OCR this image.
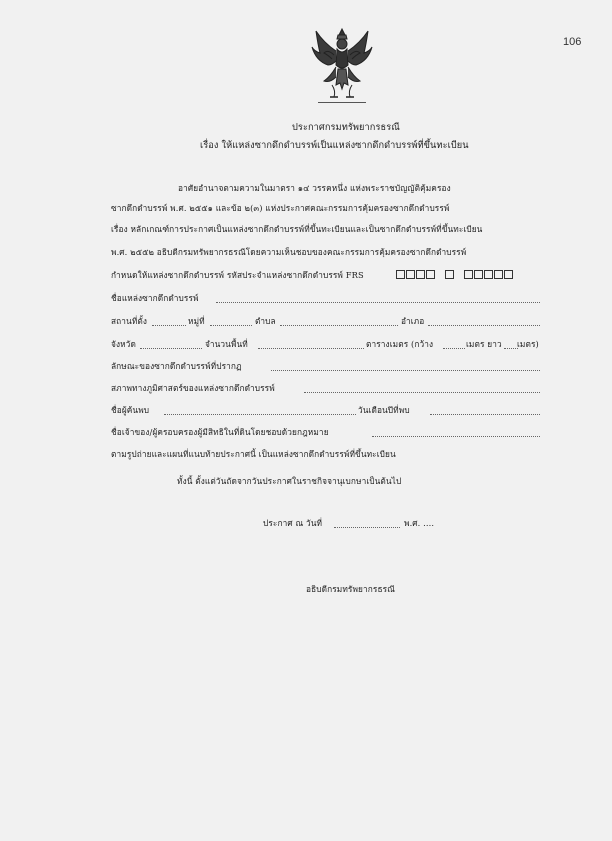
106
ประกาศกรมทรัพยากรธรณี
เรื่อง ให้แหล่งซากดึกดำบรรพ์เป็นแหล่งซากดึกดำบรรพ์ที่ขึ้นทะเบียน
อาศัยอำนาจตามความในมาตรา ๑๔ วรรคหนึ่ง แห่งพระราชบัญญัติคุ้มครอง
ซากดึกดำบรรพ์ พ.ศ. ๒๕๕๑ และข้อ ๒(๓) แห่งประกาศคณะกรรมการคุ้มครองซากดึกดำบรรพ์
เรื่อง หลักเกณฑ์การประกาศเป็นแหล่งซากดึกดำบรรพ์ที่ขึ้นทะเบียนและเป็นซากดึกดำบรรพ์ที่ขึ้นทะเบียน
พ.ศ. ๒๕๕๒ อธิบดีกรมทรัพยากรธรณีโดยความเห็นชอบของคณะกรรมการคุ้มครองซากดึกดำบรรพ์
กำหนดให้แหล่งซากดึกดำบรรพ์ รหัสประจำแหล่งซากดึกดำบรรพ์ FRS
ชื่อแหล่งซากดึกดำบรรพ์
สถานที่ตั้ง	หมู่ที่	ตำบล	อำเภอ
จังหวัด	จำนวนพื้นที่	ตารางเมตร (กว้าง	เมตร ยาว เมตร)
ลักษณะของซากดึกดำบรรพ์ที่ปรากฏ
สภาพทางภูมิศาสตร์ของแหล่งซากดึกดำบรรพ์
ชื่อผู้ค้นพบ	วันเดือนปีที่พบ
ชื่อเจ้าของ/ผู้ครอบครองผู้มีสิทธิในที่ดินโดยชอบด้วยกฎหมาย
ตามรูปถ่ายและแผนที่แนบท้ายประกาศนี้ เป็นแหล่งซากดึกดำบรรพ์ที่ขึ้นทะเบียน
ทั้งนี้ ตั้งแต่วันถัดจากวันประกาศในราชกิจจานุเบกษาเป็นต้นไป
ประกาศ ณ วันที่	พ.ศ. ....
อธิบดีกรมทรัพยากรธรณี
